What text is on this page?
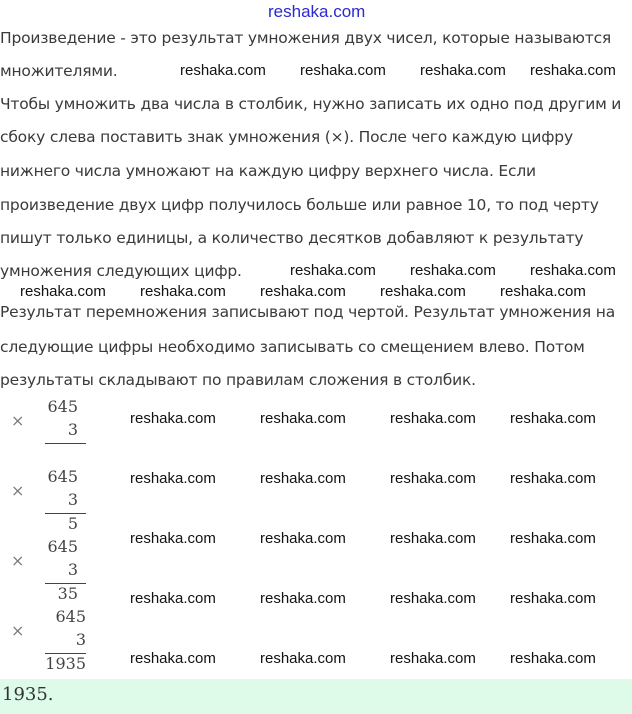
reshaka.com
Произведение - это результат умножения двух чисел, которые называются
множителями.
Чтобы умножить два числа в столбик, нужно записать их одно под другим и
сбоку слева поставить знак умножения (×). После чего каждую цифру
нижнего числа умножают на каждую цифру верхнего числа. Если
произведение двух цифр получилось больше или равное 10, то под черту
пишут только единицы, а количество десятков добавляют к результату
умножения следующих цифр.
Результат перемножения записывают под чертой. Результат умножения на
следующие цифры необходимо записывать со смещением влево. Потом
результаты складывают по правилам сложения в столбик.
×
645
3
×
645
3
5
×
645
3
35
×
645
3
1935
1935.
reshaka.com reshaka.com reshaka.com reshaka.com
reshaka.com reshaka.com reshaka.com
reshaka.com reshaka.com reshaka.com reshaka.com reshaka.com
reshaka.com	reshaka.com	reshaka.com reshaka.com
reshaka.com	reshaka.com	reshaka.com reshaka.com
reshaka.com	reshaka.com	reshaka.com reshaka.com
reshaka.com	reshaka.com	reshaka.com reshaka.com
reshaka.com	reshaka.com	reshaka.com reshaka.com
